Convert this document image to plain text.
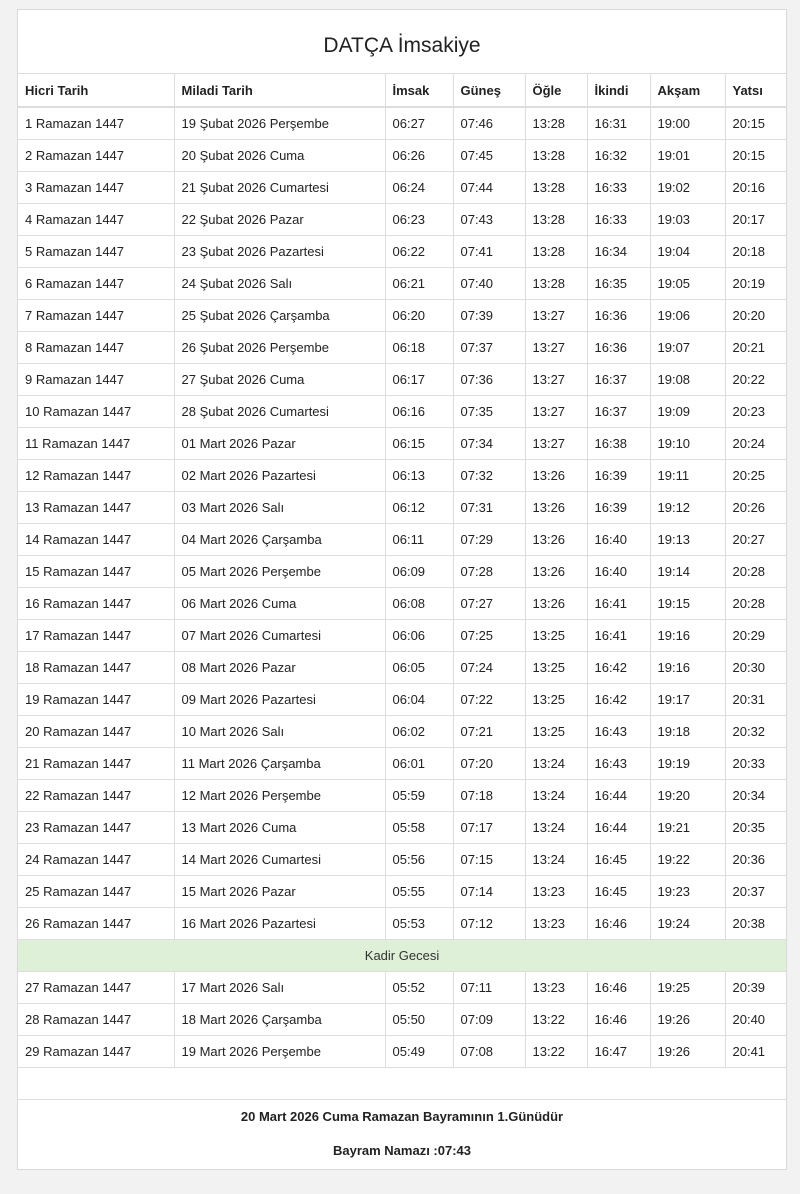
DATÇA İmsakiye
Hicri Tarih	Miladi Tarih	İmsak	Güneş	Öğle	İkindi	Akşam	Yatsı
1 Ramazan 1447	19 Şubat 2026 Perşembe	06:27	07:46	13:28	16:31	19:00	20:15
2 Ramazan 1447	20 Şubat 2026 Cuma	06:26	07:45	13:28	16:32	19:01	20:15
3 Ramazan 1447	21 Şubat 2026 Cumartesi	06:24	07:44	13:28	16:33	19:02	20:16
4 Ramazan 1447	22 Şubat 2026 Pazar	06:23	07:43	13:28	16:33	19:03	20:17
5 Ramazan 1447	23 Şubat 2026 Pazartesi	06:22	07:41	13:28	16:34	19:04	20:18
6 Ramazan 1447	24 Şubat 2026 Salı	06:21	07:40	13:28	16:35	19:05	20:19
7 Ramazan 1447	25 Şubat 2026 Çarşamba	06:20	07:39	13:27	16:36	19:06	20:20
8 Ramazan 1447	26 Şubat 2026 Perşembe	06:18	07:37	13:27	16:36	19:07	20:21
9 Ramazan 1447	27 Şubat 2026 Cuma	06:17	07:36	13:27	16:37	19:08	20:22
10 Ramazan 1447	28 Şubat 2026 Cumartesi	06:16	07:35	13:27	16:37	19:09	20:23
11 Ramazan 1447	01 Mart 2026 Pazar	06:15	07:34	13:27	16:38	19:10	20:24
12 Ramazan 1447	02 Mart 2026 Pazartesi	06:13	07:32	13:26	16:39	19:11	20:25
13 Ramazan 1447	03 Mart 2026 Salı	06:12	07:31	13:26	16:39	19:12	20:26
14 Ramazan 1447	04 Mart 2026 Çarşamba	06:11	07:29	13:26	16:40	19:13	20:27
15 Ramazan 1447	05 Mart 2026 Perşembe	06:09	07:28	13:26	16:40	19:14	20:28
16 Ramazan 1447	06 Mart 2026 Cuma	06:08	07:27	13:26	16:41	19:15	20:28
17 Ramazan 1447	07 Mart 2026 Cumartesi	06:06	07:25	13:25	16:41	19:16	20:29
18 Ramazan 1447	08 Mart 2026 Pazar	06:05	07:24	13:25	16:42	19:16	20:30
19 Ramazan 1447	09 Mart 2026 Pazartesi	06:04	07:22	13:25	16:42	19:17	20:31
20 Ramazan 1447	10 Mart 2026 Salı	06:02	07:21	13:25	16:43	19:18	20:32
21 Ramazan 1447	11 Mart 2026 Çarşamba	06:01	07:20	13:24	16:43	19:19	20:33
22 Ramazan 1447	12 Mart 2026 Perşembe	05:59	07:18	13:24	16:44	19:20	20:34
23 Ramazan 1447	13 Mart 2026 Cuma	05:58	07:17	13:24	16:44	19:21	20:35
24 Ramazan 1447	14 Mart 2026 Cumartesi	05:56	07:15	13:24	16:45	19:22	20:36
25 Ramazan 1447	15 Mart 2026 Pazar	05:55	07:14	13:23	16:45	19:23	20:37
26 Ramazan 1447	16 Mart 2026 Pazartesi	05:53	07:12	13:23	16:46	19:24	20:38
Kadir Gecesi							
27 Ramazan 1447	17 Mart 2026 Salı	05:52	07:11	13:23	16:46	19:25	20:39
28 Ramazan 1447	18 Mart 2026 Çarşamba	05:50	07:09	13:22	16:46	19:26	20:40
29 Ramazan 1447	19 Mart 2026 Perşembe	05:49	07:08	13:22	16:47	19:26	20:41
20 Mart 2026 Cuma Ramazan Bayramının 1.Günüdür
Bayram Namazı :07:43
